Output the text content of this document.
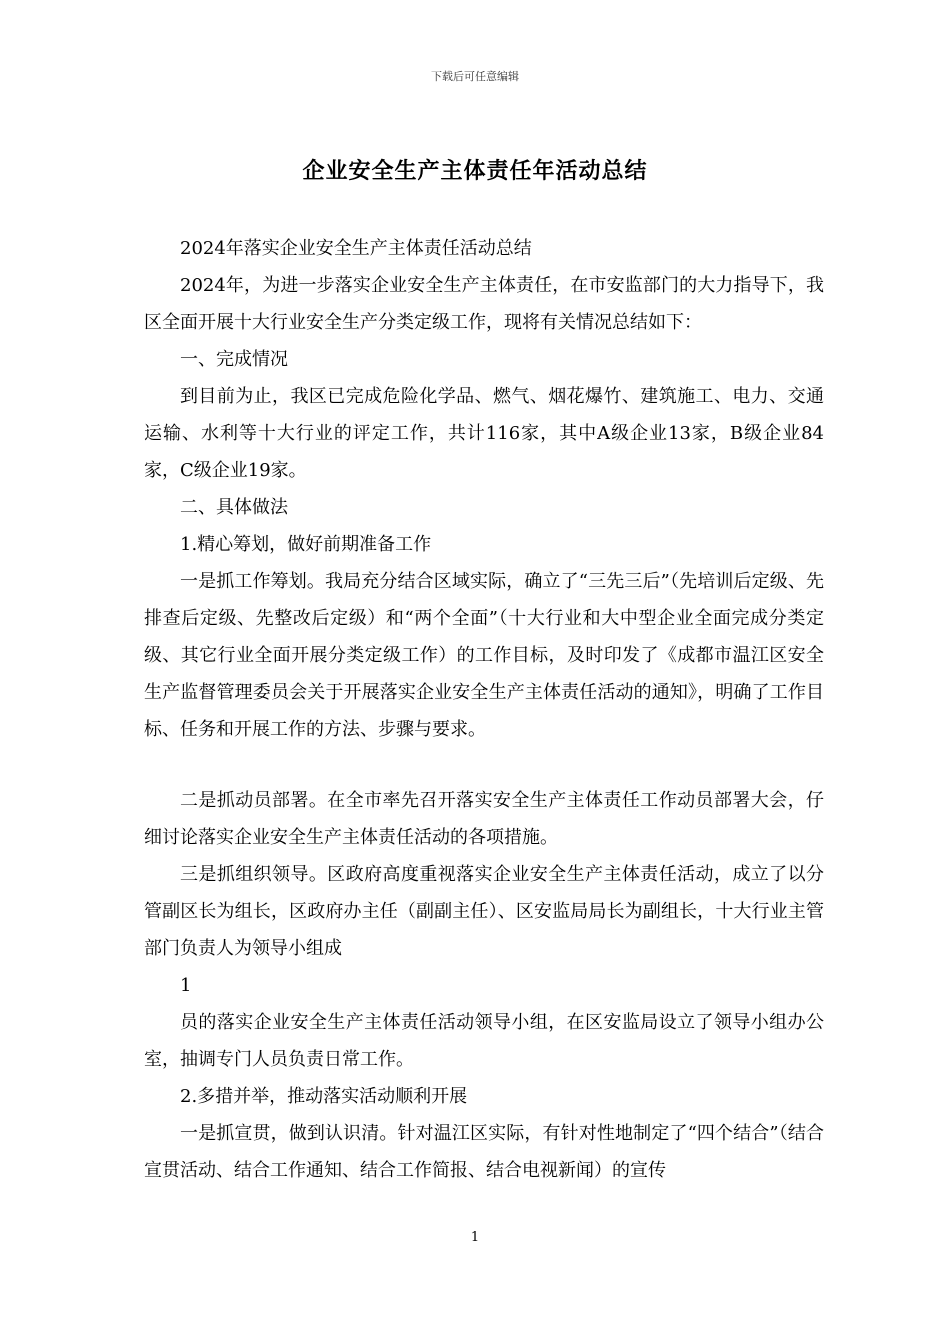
下载后可任意编辑
企业安全生产主体责任年活动总结

2024年落实企业安全生产主体责任活动总结

2024年，为进一步落实企业安全生产主体责任，在市安监部门的大力指导下，我区全面开展十大行业安全生产分类定级工作，现将有关情况总结如下：

一、完成情况

到目前为止，我区已完成危险化学品、燃气、烟花爆竹、建筑施工、电力、交通运输、水利等十大行业的评定工作，共计116家，其中A级企业13家，B级企业84家，C级企业19家。

二、具体做法

1.精心筹划，做好前期准备工作

一是抓工作筹划。我局充分结合区域实际，确立了“三先三后”（先培训后定级、先排查后定级、先整改后定级）和“两个全面”（十大行业和大中型企业全面完成分类定级、其它行业全面开展分类定级工作）的工作目标，及时印发了《成都市温江区安全生产监督管理委员会关于开展落实企业安全生产主体责任活动的通知》，明确了工作目标、任务和开展工作的方法、步骤与要求。

二是抓动员部署。在全市率先召开落实安全生产主体责任工作动员部署大会，仔细讨论落实企业安全生产主体责任活动的各项措施。

三是抓组织领导。区政府高度重视落实企业安全生产主体责任活动，成立了以分管副区长为组长，区政府办主任（副副主任）、区安监局局长为副组长，十大行业主管部门负责人为领导小组成

1

员的落实企业安全生产主体责任活动领导小组，在区安监局设立了领导小组办公室，抽调专门人员负责日常工作。

2.多措并举，推动落实活动顺利开展

一是抓宣贯，做到认识清。针对温江区实际，有针对性地制定了“四个结合”（结合宣贯活动、结合工作通知、结合工作简报、结合电视新闻）的宣传

1
